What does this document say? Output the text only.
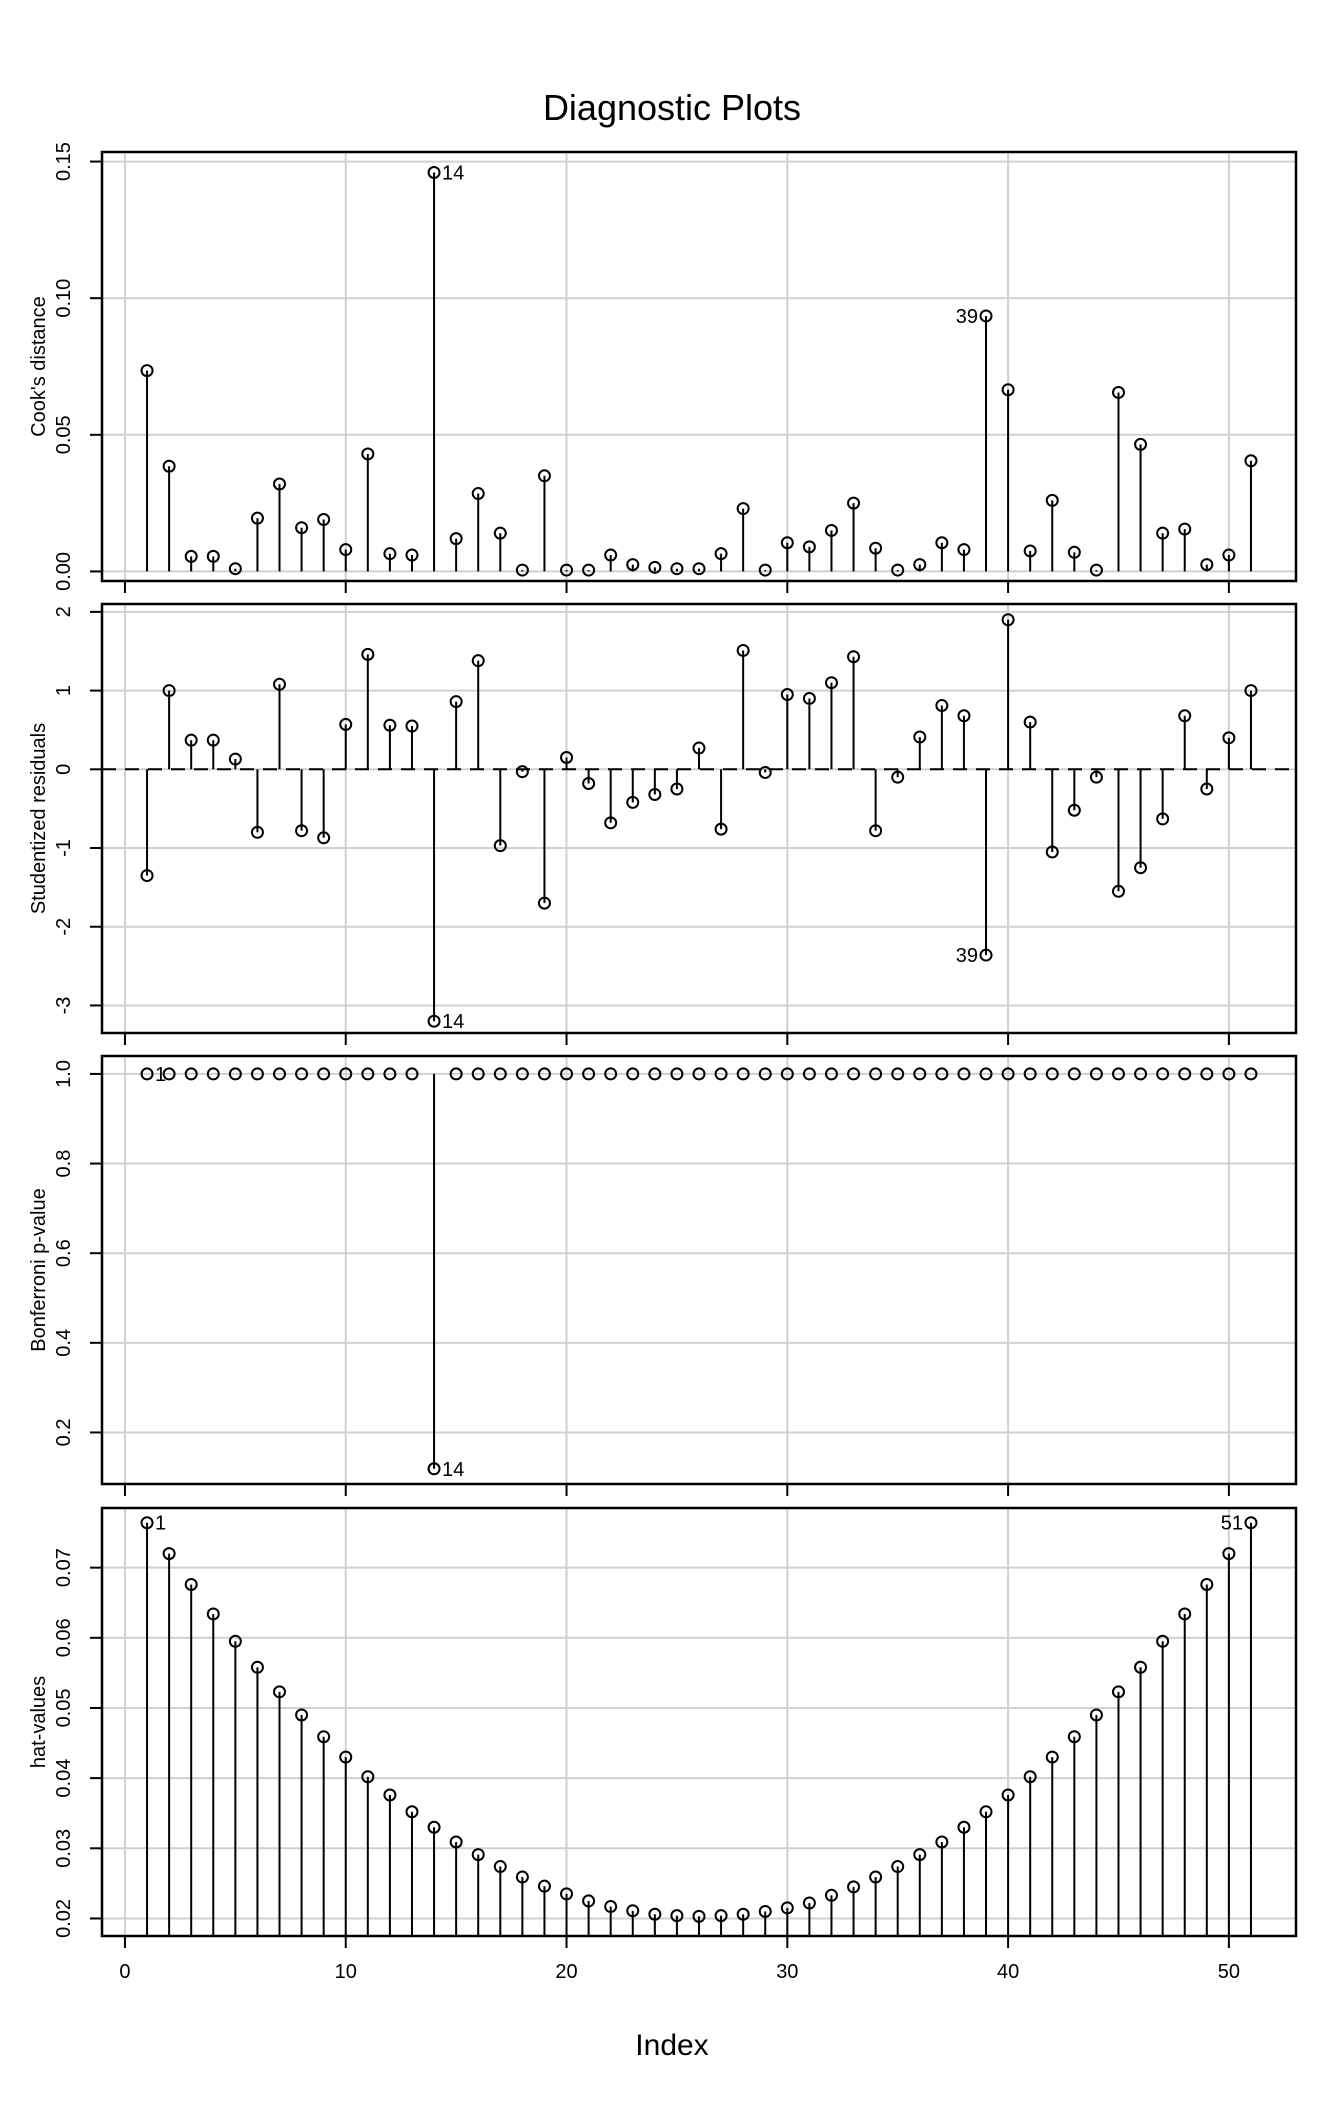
Diagnostic Plots
14
39
0.00
0.05
0.10
0.15
Cook's distance
14
39
-3
-2
-1
0
1
2
Studentized residuals
1
14
0.2
0.4
0.6
0.8
1.0
Bonferroni p-value
1	51
0.02
0.03
0.04
0.05
0.06
0.07
hat-values
0	10	20	30	40	50
Index
